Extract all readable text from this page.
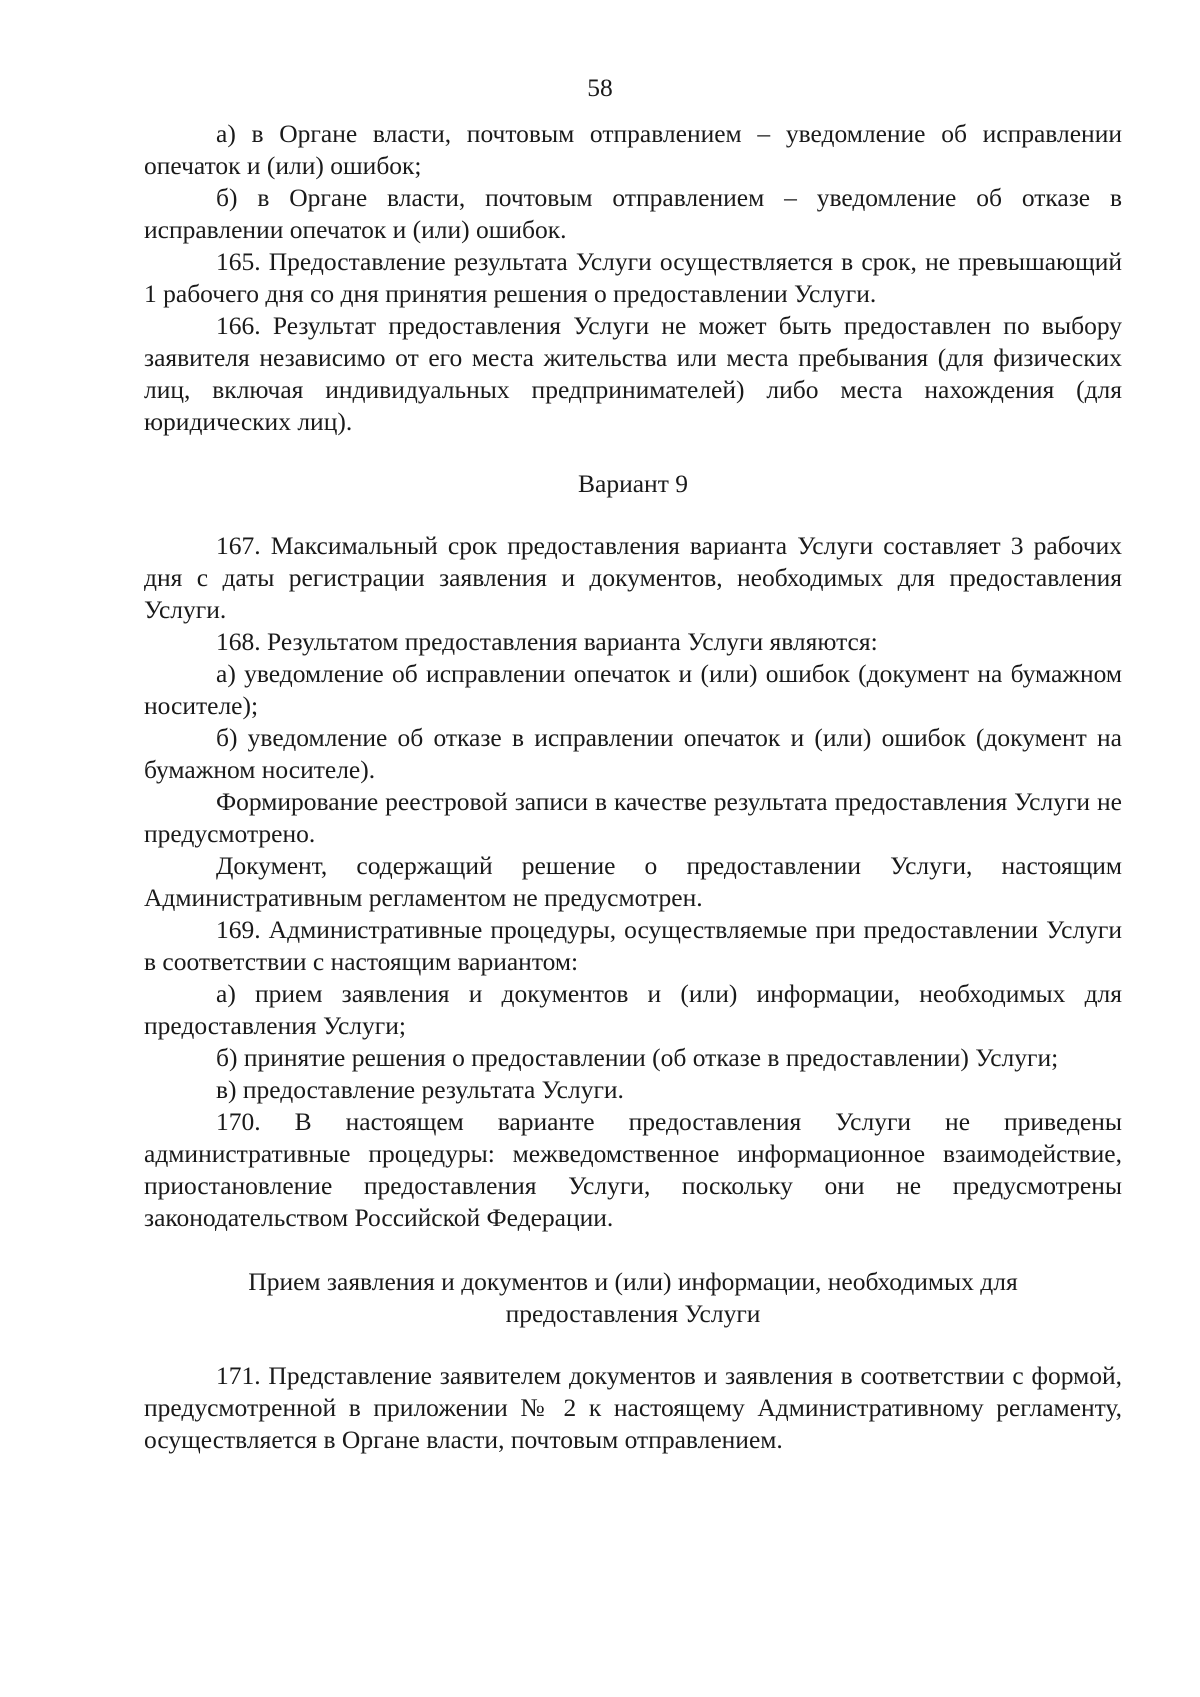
58

а) в Органе власти, почтовым отправлением – уведомление об исправлении опечаток и (или) ошибок;

б) в Органе власти, почтовым отправлением – уведомление об отказе в исправлении опечаток и (или) ошибок.

165. Предоставление результата Услуги осуществляется в срок, не превышающий 1 рабочего дня со дня принятия решения о предоставлении Услуги.

166. Результат предоставления Услуги не может быть предоставлен по выбору заявителя независимо от его места жительства или места пребывания (для физических лиц, включая индивидуальных предпринимателей) либо места нахождения (для юридических лиц).

Вариант 9

167. Максимальный срок предоставления варианта Услуги составляет 3 рабочих дня с даты регистрации заявления и документов, необходимых для предоставления Услуги.

168. Результатом предоставления варианта Услуги являются:

а) уведомление об исправлении опечаток и (или) ошибок (документ на бумажном носителе);

б) уведомление об отказе в исправлении опечаток и (или) ошибок (документ на бумажном носителе).

Формирование реестровой записи в качестве результата предоставления Услуги не предусмотрено.

Документ, содержащий решение о предоставлении Услуги, настоящим Административным регламентом не предусмотрен.

169. Административные процедуры, осуществляемые при предоставлении Услуги в соответствии с настоящим вариантом:

а) прием заявления и документов и (или) информации, необходимых для предоставления Услуги;

б) принятие решения о предоставлении (об отказе в предоставлении) Услуги;

в) предоставление результата Услуги.

170. В настоящем варианте предоставления Услуги не приведены административные процедуры: межведомственное информационное взаимодействие, приостановление предоставления Услуги, поскольку они не предусмотрены законодательством Российской Федерации.

Прием заявления и документов и (или) информации, необходимых для
предоставления Услуги

171. Представление заявителем документов и заявления в соответствии с формой, предусмотренной в приложении № 2 к настоящему Административному регламенту, осуществляется в Органе власти, почтовым отправлением.
